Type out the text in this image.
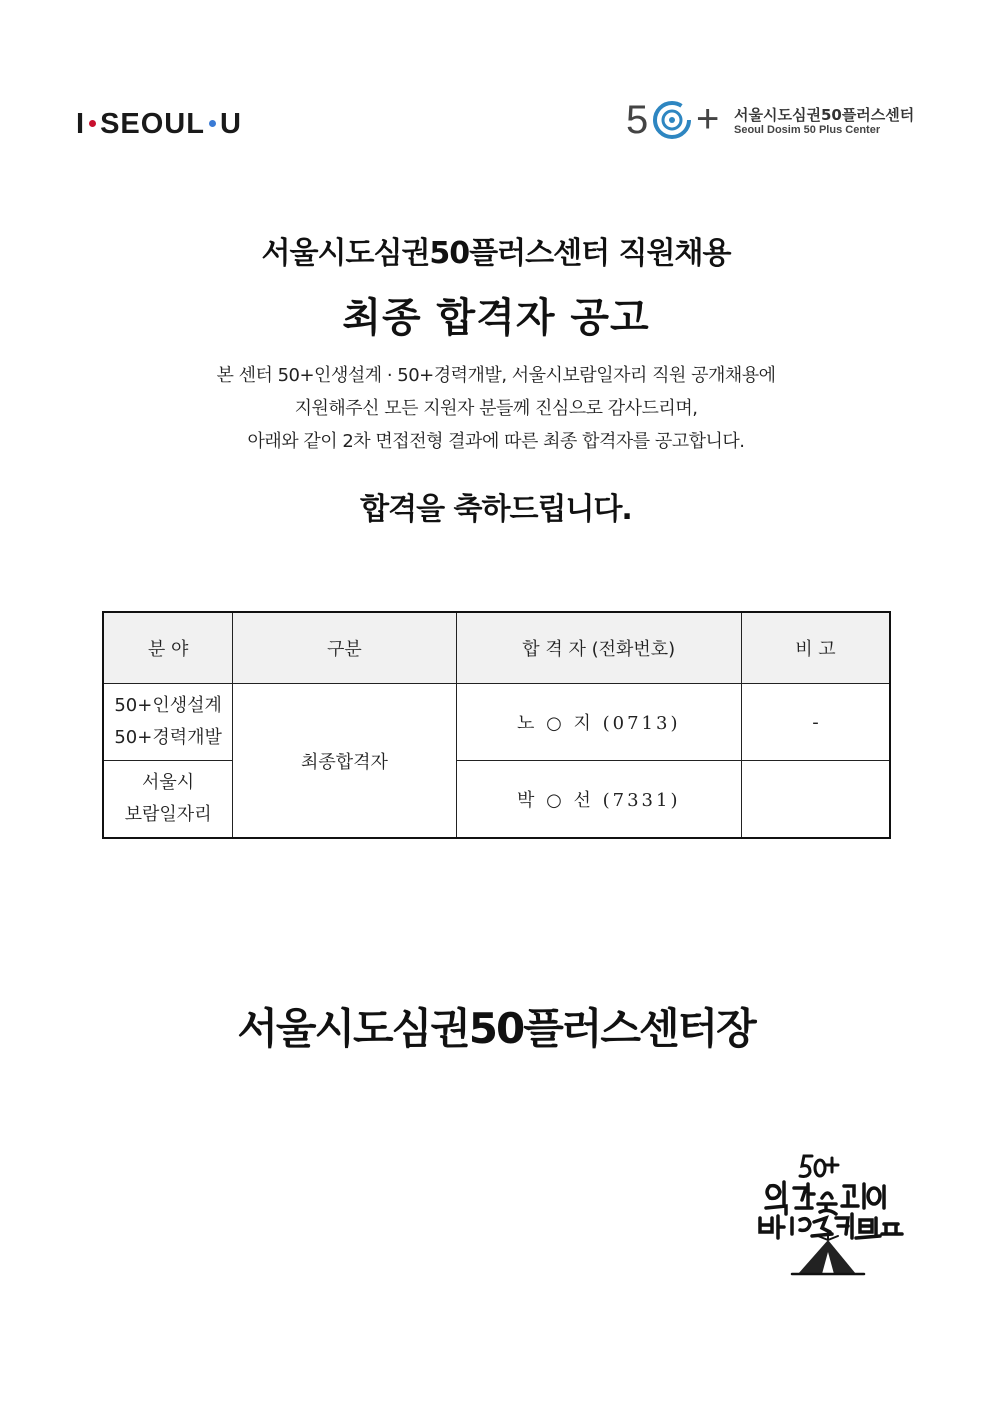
I SEOUL U	5 + 서울시도심권50플러스센터
Seoul Dosim 50 Plus Center
서울시도심권50플러스센터 직원채용
최종 합격자 공고
본 센터 50+인생설계 · 50+경력개발, 서울시보람일자리 직원 공개채용에
지원해주신 모든 지원자 분들께 진심으로 감사드리며,
아래와 같이 2차 면접전형 결과에 따른 최종 합격자를 공고합니다.
합격을 축하드립니다.
분 야	구분	합 격 자 (전화번호)	비 고

50+인생설계
50+경력개발	최종합격자	노 ○ 지 (0713)	-

서울시
보람일자리		박 ○ 선 (7331)	
서울시도심권50플러스센터장
